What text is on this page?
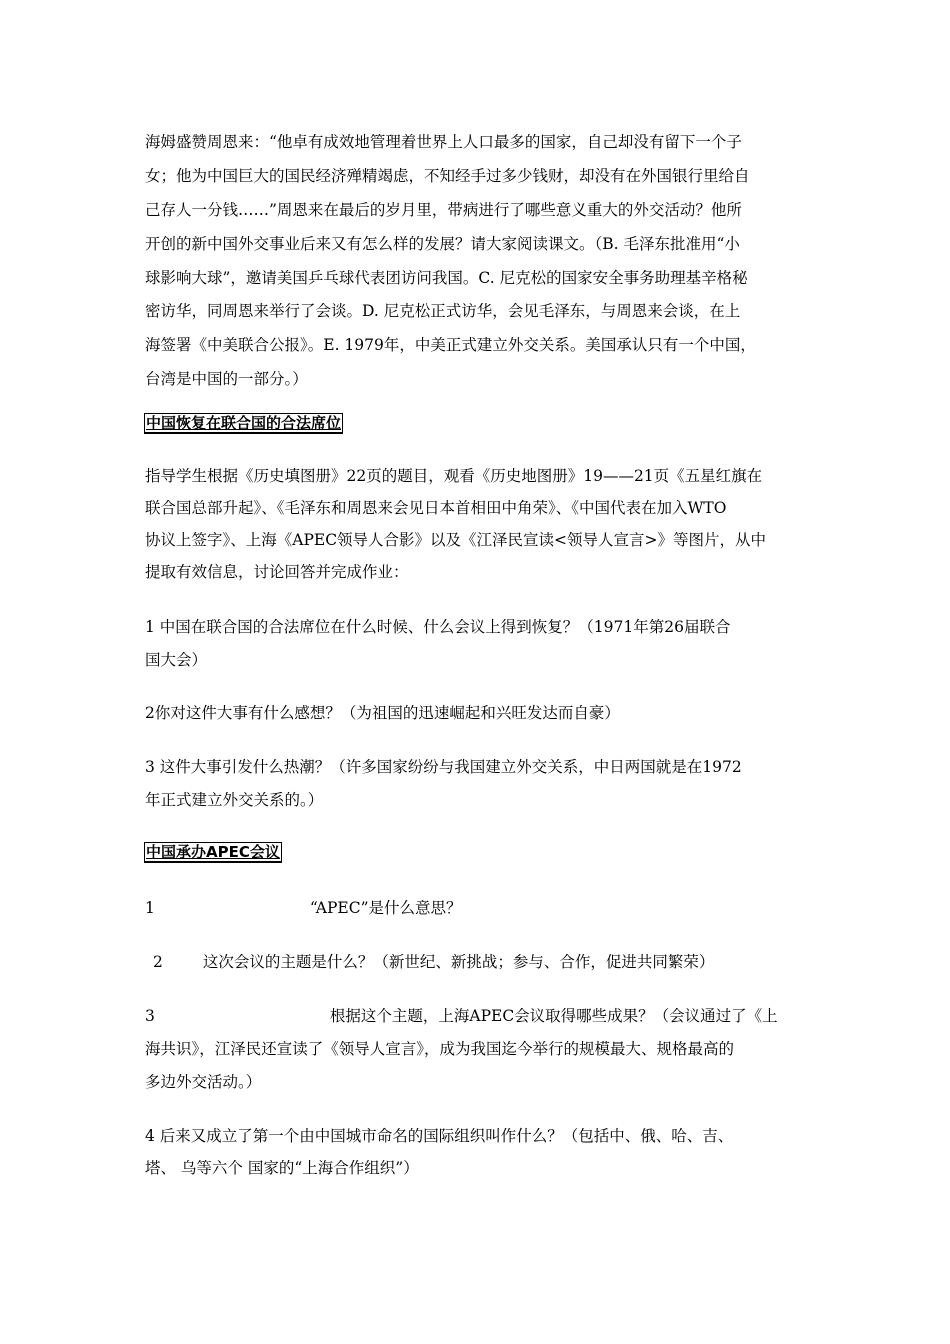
海姆盛赞周恩来：“他卓有成效地管理着世界上人口最多的国家，自己却没有留下一个子
女；他为中国巨大的国民经济殚精竭虑，不知经手过多少钱财，却没有在外国银行里给自
己存人一分钱……”周恩来在最后的岁月里，带病进行了哪些意义重大的外交活动？他所
开创的新中国外交事业后来又有怎么样的发展？请大家阅读课文。（B. 毛泽东批准用“小
球影响大球”，邀请美国乒乓球代表团访问我国。C. 尼克松的国家安全事务助理基辛格秘
密访华，同周恩来举行了会谈。D. 尼克松正式访华，会见毛泽东，与周恩来会谈，在上
海签署《中美联合公报》。E. 1979年，中美正式建立外交关系。美国承认只有一个中国，
台湾是中国的一部分。）
中国恢复在联合国的合法席位
指导学生根据《历史填图册》22页的题目，观看《历史地图册》19——21页《五星红旗在
联合国总部升起》、《毛泽东和周恩来会见日本首相田中角荣》、《中国代表在加入WTO
协议上签字》、上海《APEC领导人合影》以及《江泽民宣读<领导人宣言>》等图片，从中
提取有效信息，讨论回答并完成作业：
1 中国在联合国的合法席位在什么时候、什么会议上得到恢复？（1971年第26届联合
国大会）
2你对这件大事有什么感想？（为祖国的迅速崛起和兴旺发达而自豪）
3 这件大事引发什么热潮？（许多国家纷纷与我国建立外交关系，中日两国就是在1972
年正式建立外交关系的。）
中国承办APEC会议
1	“APEC”是什么意思？
2	这次会议的主题是什么？（新世纪、新挑战；参与、合作，促进共同繁荣）
3	根据这个主题，上海APEC会议取得哪些成果？（会议通过了《上
海共识》，江泽民还宣读了《领导人宣言》，成为我国迄今举行的规模最大、规格最高的
多边外交活动。）
4 后来又成立了第一个由中国城市命名的国际组织叫作什么？（包括中、俄、哈、吉、
塔、 乌等六个 国家的“上海合作组织”）
